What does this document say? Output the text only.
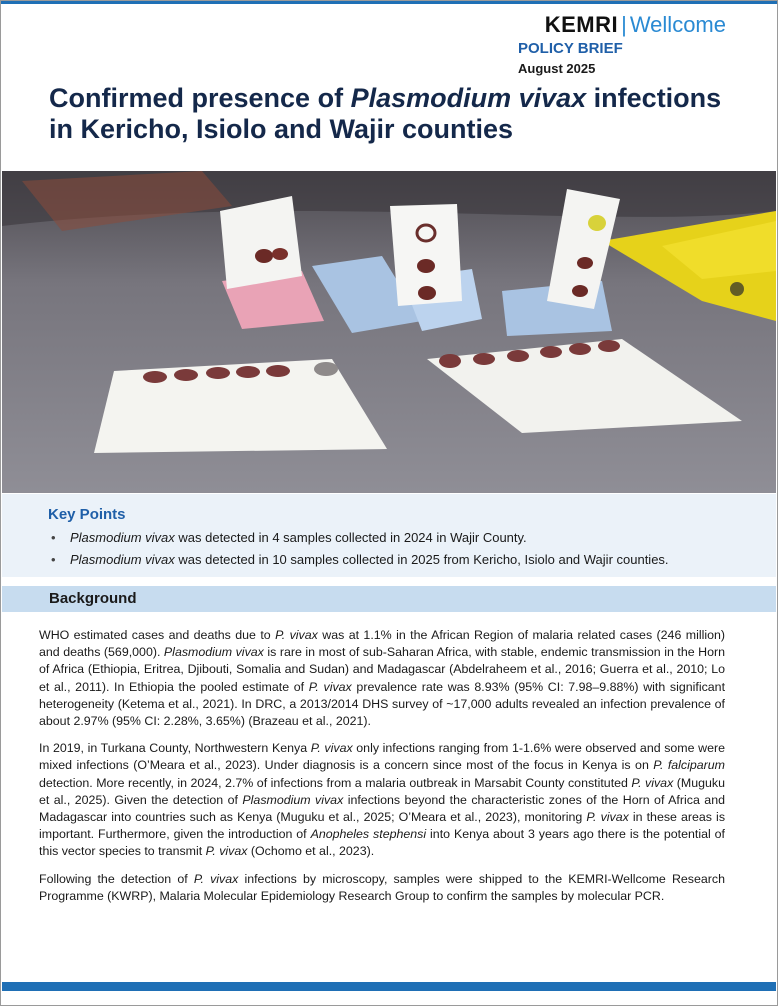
KEMRI | Wellcome
POLICY BRIEF
August 2025
Confirmed presence of Plasmodium vivax infections in Kericho, Isiolo and Wajir counties
Key Points
• Plasmodium vivax was detected in 4 samples collected in 2024 in Wajir County.
• Plasmodium vivax was detected in 10 samples collected in 2025 from Kericho, Isiolo and Wajir counties.
Background

WHO estimated cases and deaths due to P. vivax was at 1.1% in the African Region of malaria related cases (246 million) and deaths (569,000). Plasmodium vivax is rare in most of sub-Saharan Africa, with stable, endemic transmission in the Horn of Africa (Ethiopia, Eritrea, Djibouti, Somalia and Sudan) and Madagascar (Abdelraheem et al., 2016; Guerra et al., 2010; Lo et al., 2011). In Ethiopia the pooled estimate of P. vivax prevalence rate was 8.93% (95% CI: 7.98–9.88%) with significant heterogeneity (Ketema et al., 2021). In DRC, a 2013/2014 DHS survey of ~17,000 adults revealed an infection prevalence of about 2.97% (95% CI: 2.28%, 3.65%) (Brazeau et al., 2021).

In 2019, in Turkana County, Northwestern Kenya P. vivax only infections ranging from 1-1.6% were observed and some were mixed infections (O’Meara et al., 2023). Under diagnosis is a concern since most of the focus in Kenya is on P. falciparum detection. More recently, in 2024, 2.7% of infections from a malaria outbreak in Marsabit County constituted P. vivax (Muguku et al., 2025). Given the detection of Plasmodium vivax infections beyond the characteristic zones of the Horn of Africa and Madagascar into countries such as Kenya (Muguku et al., 2025; O’Meara et al., 2023), monitoring P. vivax in these areas is important. Furthermore, given the introduction of Anopheles stephensi into Kenya about 3 years ago there is the potential of this vector species to transmit P. vivax (Ochomo et al., 2023).

Following the detection of P. vivax infections by microscopy, samples were shipped to the KEMRI-Wellcome Research Programme (KWRP), Malaria Molecular Epidemiology Research Group to confirm the samples by molecular PCR.
